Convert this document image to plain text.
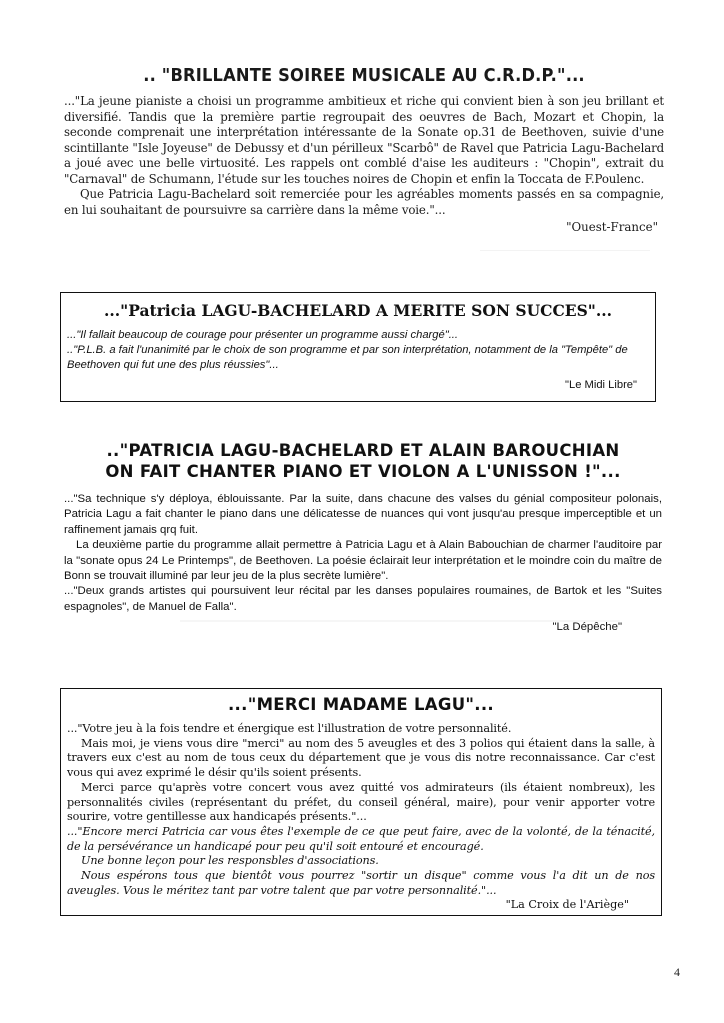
.. "BRILLANTE SOIREE MUSICALE AU C.R.D.P."...

..."La jeune pianiste a choisi un programme ambitieux et riche qui convient bien à son jeu brillant et diversifié. Tandis que la première partie regroupait des oeuvres de Bach, Mozart et Chopin, la seconde comprenait une interprétation intéressante de la Sonate op.31 de Beethoven, suivie d'une scintillante "Isle Joyeuse" de Debussy et d'un périlleux "Scarbô" de Ravel que Patricia Lagu-Bachelard a joué avec une belle virtuosité. Les rappels ont comblé d'aise les auditeurs : "Chopin", extrait du "Carnaval" de Schumann, l'étude sur les touches noires de Chopin et enfin la Toccata de F.Poulenc.

Que Patricia Lagu-Bachelard soit remerciée pour les agréables moments passés en sa compagnie, en lui souhaitant de poursuivre sa carrière dans la même voie."...

"Ouest-France"
..."Patricia LAGU-BACHELARD A MERITE SON SUCCES"...

..."Il fallait beaucoup de courage pour présenter un programme aussi chargé"...

.."P.L.B. a fait l'unanimité par le choix de son programme et par son interprétation, notamment de la "Tempête" de Beethoven qui fut une des plus réussies"...

"Le Midi Libre"
.."PATRICIA LAGU-BACHELARD ET ALAIN BAROUCHIAN
ON FAIT CHANTER PIANO ET VIOLON A L'UNISSON !"...

..."Sa technique s'y déploya, éblouissante. Par la suite, dans chacune des valses du génial compositeur polonais, Patricia Lagu a fait chanter le piano dans une délicatesse de nuances qui vont jusqu'au presque imperceptible et un raffinement jamais qrq fuit.

La deuxième partie du programme allait permettre à Patricia Lagu et à Alain Babouchian de charmer l'auditoire par la "sonate opus 24 Le Printemps", de Beethoven. La poésie éclairait leur interprétation et le moindre coin du maître de Bonn se trouvait illuminé par leur jeu de la plus secrète lumière".

..."Deux grands artistes qui poursuivent leur récital par les danses populaires roumaines, de Bartok et les "Suites espagnoles", de Manuel de Falla".

"La Dépêche"
..."MERCI MADAME LAGU"...

..."Votre jeu à la fois tendre et énergique est l'illustration de votre personnalité.

Mais moi, je viens vous dire "merci" au nom des 5 aveugles et des 3 polios qui étaient dans la salle, à travers eux c'est au nom de tous ceux du département que je vous dis notre reconnaissance. Car c'est vous qui avez exprimé le désir qu'ils soient présents.

Merci parce qu'après votre concert vous avez quitté vos admirateurs (ils étaient nombreux), les personnalités civiles (représentant du préfet, du conseil général, maire), pour venir apporter votre sourire, votre gentillesse aux handicapés présents."...

..."Encore merci Patricia car vous êtes l'exemple de ce que peut faire, avec de la volonté, de la ténacité, de la persévérance un handicapé pour peu qu'il soit entouré et encouragé.

Une bonne leçon pour les responsbles d'associations.

Nous espérons tous que bientôt vous pourrez "sortir un disque" comme vous l'a dit un de nos aveugles. Vous le méritez tant par votre talent que par votre personnalité."...

"La Croix de l'Ariège"
4
